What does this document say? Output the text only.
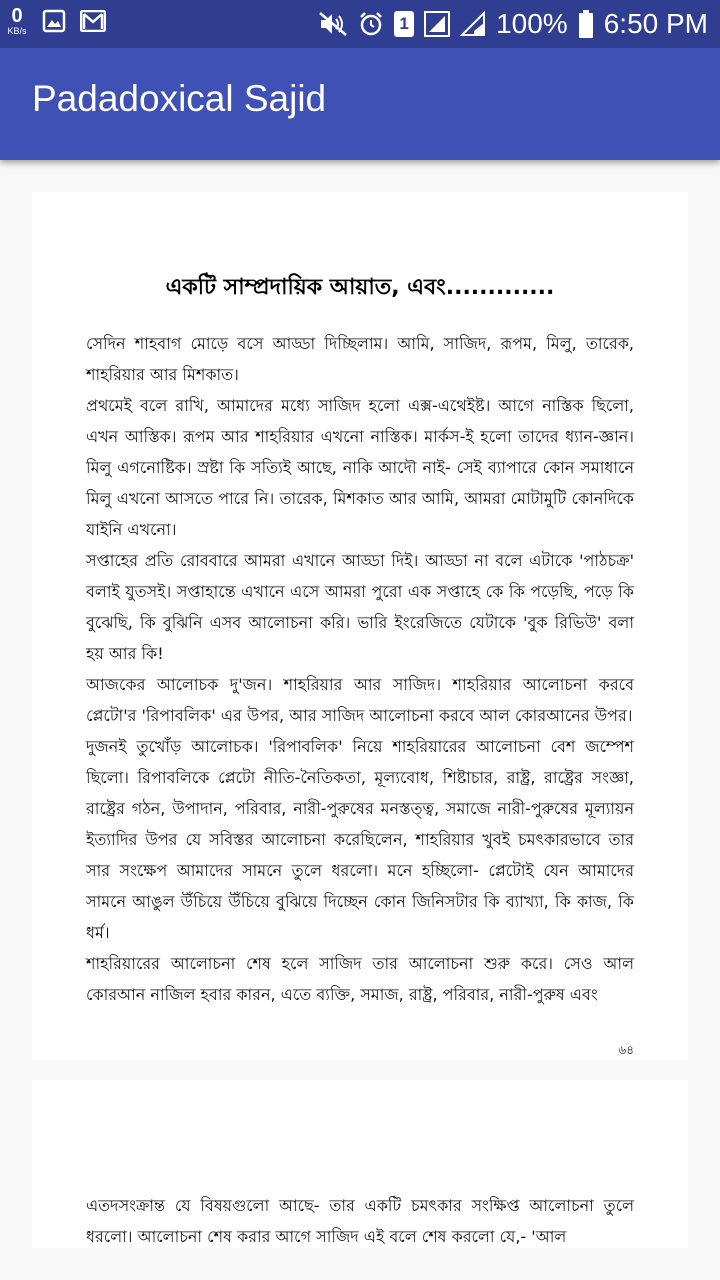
0
KB/s	1	100% 6:50 PM
Padadoxical Sajid
একটি সাম্প্রদায়িক আয়াত, এবং.............

সেদিন শাহবাগ মোড়ে বসে আড্ডা দিচ্ছিলাম। আমি, সাজিদ, রূপম, মিলু, তারেক, শাহরিয়ার আর মিশকাত।

প্রথমেই বলে রাখি, আমাদের মধ্যে সাজিদ হলো এক্স-এথেইষ্ট। আগে নাস্তিক ছিলো, এখন আস্তিক। রূপম আর শাহরিয়ার এখনো নাস্তিক। মার্কস-ই হলো তাদের ধ্যান-জ্ঞান। মিলু এগনোষ্টিক। স্রষ্টা কি সত্যিই আছে, নাকি আদৌ নাই- সেই ব্যাপারে কোন সমাধানে মিলু এখনো আসতে পারে নি। তারেক, মিশকাত আর আমি, আমরা মোটামুটি কোনদিকে যাইনি এখনো।

সপ্তাহের প্রতি রোববারে আমরা এখানে আড্ডা দিই। আড্ডা না বলে এটাকে 'পাঠচক্র' বলাই যুতসই। সপ্তাহান্তে এখানে এসে আমরা পুরো এক সপ্তাহে কে কি পড়েছি, পড়ে কি বুঝেছি, কি বুঝিনি এসব আলোচনা করি। ভারি ইংরেজিতে যেটাকে 'বুক রিভিউ' বলা হয় আর কি!

আজকের আলোচক দু'জন। শাহরিয়ার আর সাজিদ। শাহরিয়ার আলোচনা করবে প্লেটো'র 'রিপাবলিক' এর উপর, আর সাজিদ আলোচনা করবে আল কোরআনের উপর।

দুজনই তুখোঁড় আলোচক। 'রিপাবলিক' নিয়ে শাহরিয়ারের আলোচনা বেশ জম্পেশ ছিলো। রিপাবলিকে প্লেটো নীতি-নৈতিকতা, মূল্যবোধ, শিষ্টাচার, রাষ্ট্র, রাষ্ট্রের সংজ্ঞা, রাষ্ট্রের গঠন, উপাদান, পরিবার, নারী-পুরুষের মনস্তত্ত্ব, সমাজে নারী-পুরুষের মূল্যায়ন ইত্যাদির উপর যে সবিস্তর আলোচনা করেছিলেন, শাহরিয়ার খুবই চমৎকারভাবে তার সার সংক্ষেপ আমাদের সামনে তুলে ধরলো। মনে হচ্ছিলো- প্লেটোই যেন আমাদের সামনে আঙুল উঁচিয়ে উঁচিয়ে বুঝিয়ে দিচ্ছেন কোন জিনিসটার কি ব্যাখ্যা, কি কাজ, কি ধর্ম।

শাহরিয়ারের আলোচনা শেষ হলে সাজিদ তার আলোচনা শুরু করে। সেও আল কোরআন নাজিল হবার কারন, এতে ব্যক্তি, সমাজ, রাষ্ট্র, পরিবার, নারী-পুরুষ এবং

৬৪

এতদসংক্রান্ত যে বিষয়গুলো আছে- তার একটি চমৎকার সংক্ষিপ্ত আলোচনা তুলে ধরলো। আলোচনা শেষ করার আগে সাজিদ এই বলে শেষ করলো যে,- 'আল
